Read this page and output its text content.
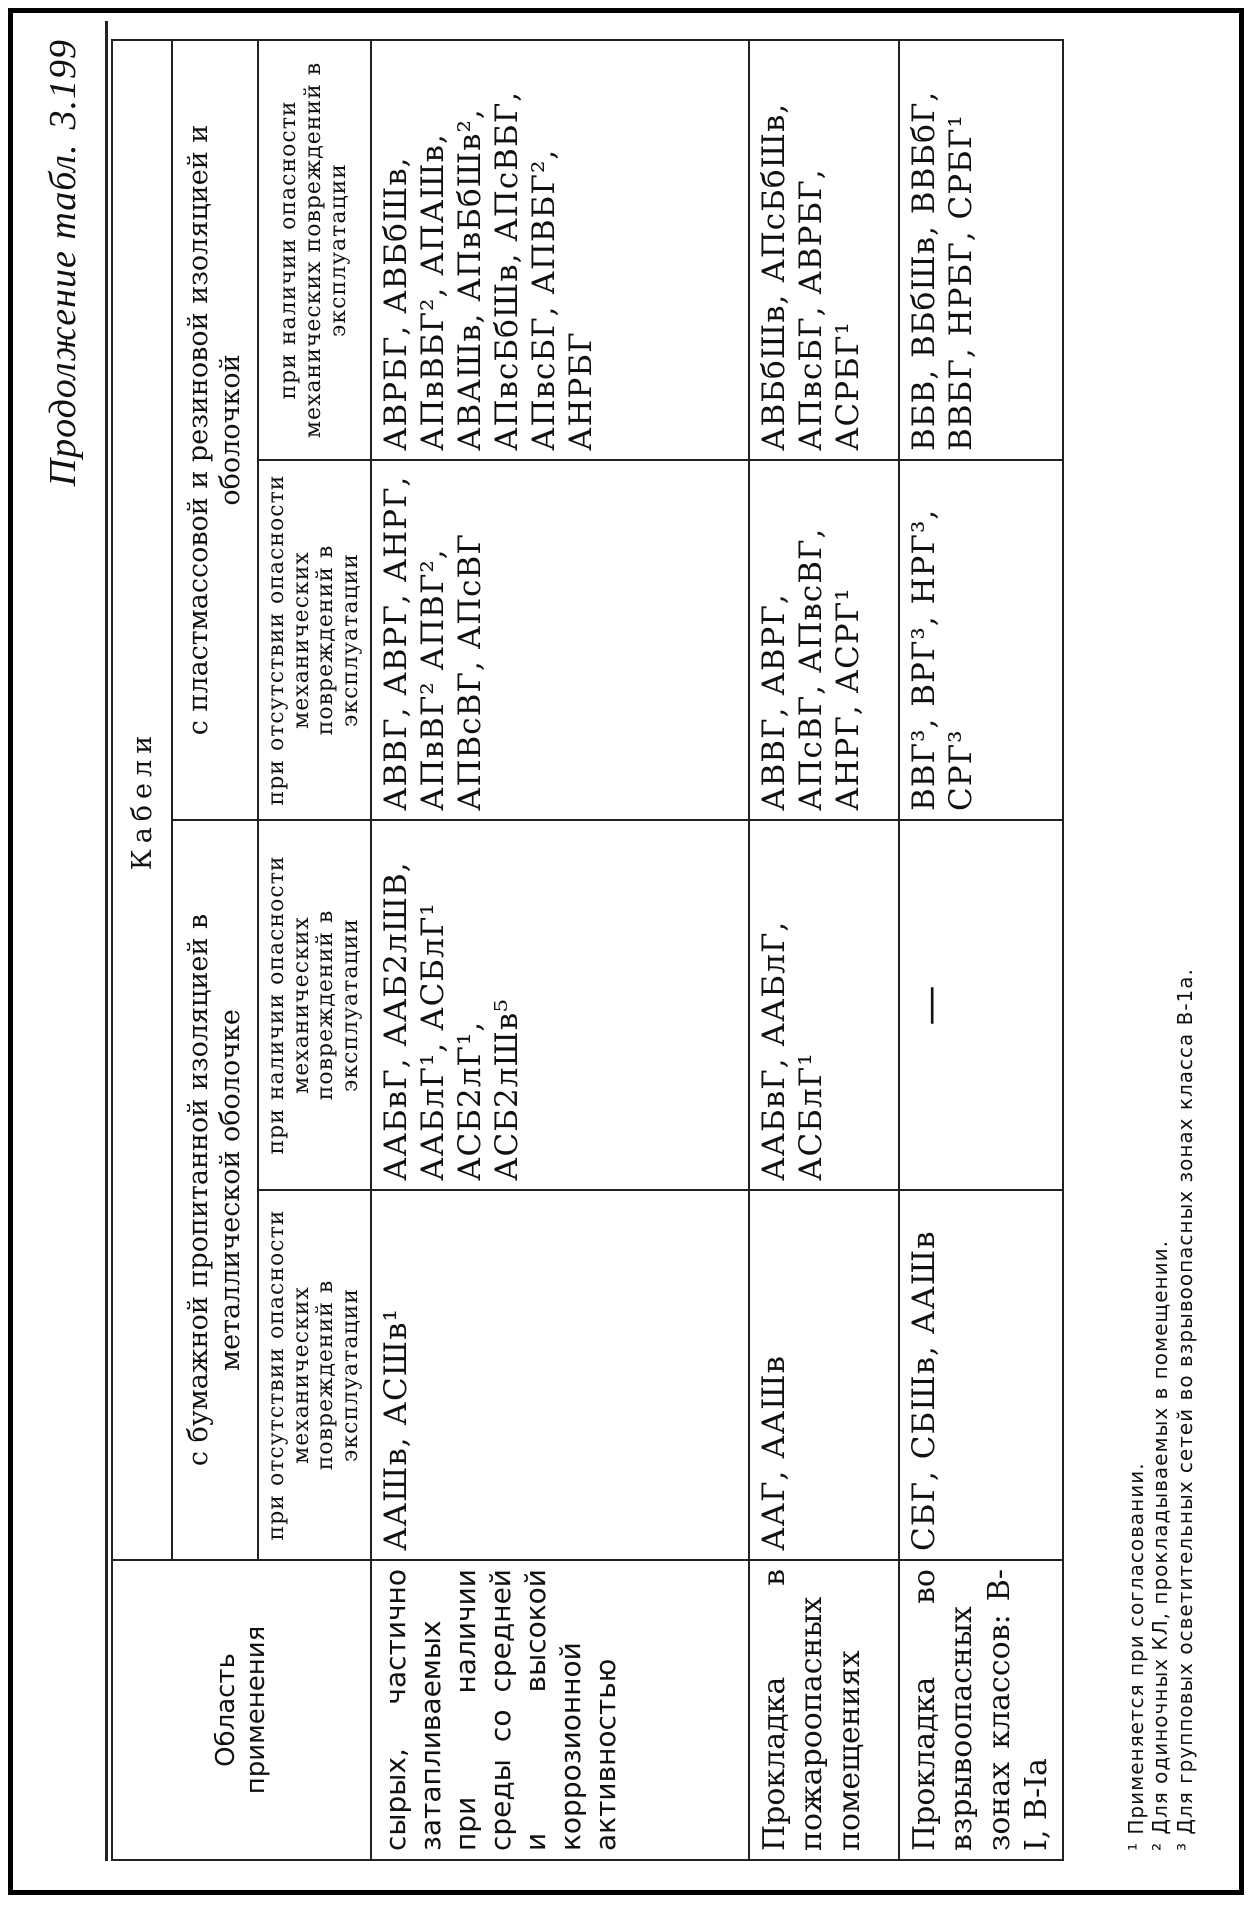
Продолжение табл.3.199
Область применения	Кабели			
	с бумажной пропитанной изоляцией в металлической оболочке		с пластмассовой и резиновой изоляцией и оболочкой	
	при отсутствии опасности механических повреждений в эксплуатации	при наличии опасности механических повреждений в эксплуатации	при отсутствии опасности механических повреждений в эксплуатации	при наличии опасности механических повреждений в эксплуатации
сырых, частично затапливаемых при наличии среды со средней и высокой коррозионной активностью	ААШв, АСШв¹	ААБвГ, ААБ2лШВ, ААБлГ¹, АСБлГ¹ АСБ2лГ¹, АСБ2лШв⁵	АВВГ, АВРГ, АНРГ, АПвВГ² АПВГ², АПВсВГ, АПсВГ	АВРБГ, АВБбШв, АПвВБГ², АПАШв, АВАШв, АПвБбШв², АПвсБбШв, АПсВБГ, АПвсБГ, АПВБГ², АНРБГ
Прокладка в пожароопасных помещениях	ААГ, ААШв	ААБвГ, ААБлГ, АСБлГ¹	АВВГ, АВРГ, АПсВГ, АПвсВГ, АНРГ, АСРГ¹	АВБбШв, АПсБбШв, АПвсБГ, АВРБГ, АСРБГ¹
Прокладка во взрывоопасных зонах классов: В-I, В-Iа	СБГ, СБШв, ААШв	—	ВВГ³, ВРГ³, НРГ³, СРГ³	ВБВ, ВБбШв, ВВБбГ, ВВБГ, НРБГ, СРБГ¹
¹ Применяется при согласовании. ² Для одиночных КЛ, прокладываемых в помещении. ³ Для групповых осветительных сетей во взрывоопасных зонах класса В-1а.
